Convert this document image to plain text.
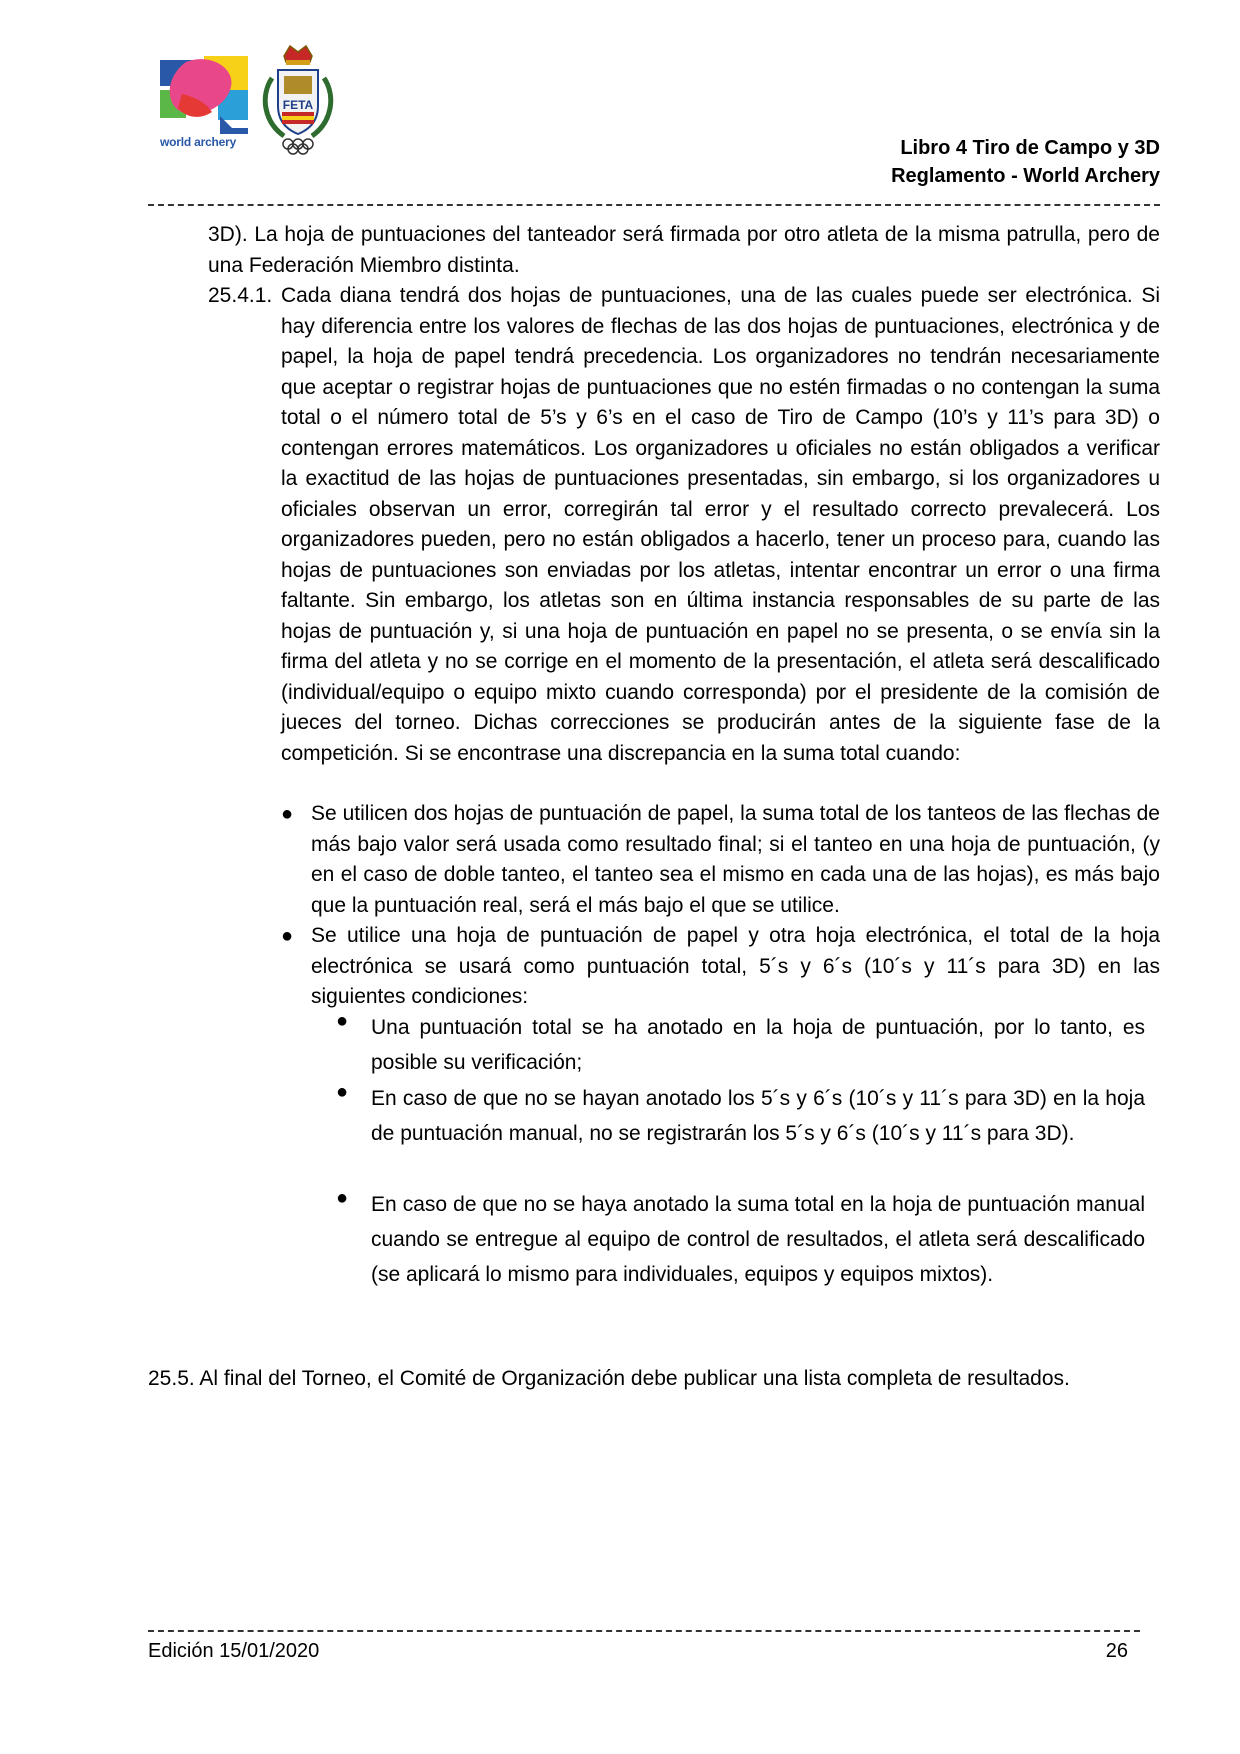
world archery
FETA
Libro 4 Tiro de Campo y 3D
Reglamento - World Archery
3D). La hoja de puntuaciones del tanteador será firmada por otro atleta de la misma patrulla, pero de una Federación Miembro distinta.
25.4.1. Cada diana tendrá dos hojas de puntuaciones, una de las cuales puede ser electrónica. Si hay diferencia entre los valores de flechas de las dos hojas de puntuaciones, electrónica y de papel, la hoja de papel tendrá precedencia. Los organizadores no tendrán necesariamente que aceptar o registrar hojas de puntuaciones que no estén firmadas o no contengan la suma total o el número total de 5’s y 6’s en el caso de Tiro de Campo (10’s y 11’s para 3D) o contengan errores matemáticos. Los organizadores u oficiales no están obligados a verificar la exactitud de las hojas de puntuaciones presentadas, sin embargo, si los organizadores u oficiales observan un error, corregirán tal error y el resultado correcto prevalecerá. Los organizadores pueden, pero no están obligados a hacerlo, tener un proceso para, cuando las hojas de puntuaciones son enviadas por los atletas, intentar encontrar un error o una firma faltante. Sin embargo, los atletas son en última instancia responsables de su parte de las hojas de puntuación y, si una hoja de puntuación en papel no se presenta, o se envía sin la firma del atleta y no se corrige en el momento de la presentación, el atleta será descalificado (individual/equipo o equipo mixto cuando corresponda) por el presidente de la comisión de jueces del torneo. Dichas correcciones se producirán antes de la siguiente fase de la competición. Si se encontrase una discrepancia en la suma total cuando:
● Se utilicen dos hojas de puntuación de papel, la suma total de los tanteos de las flechas de más bajo valor será usada como resultado final; si el tanteo en una hoja de puntuación, (y en el caso de doble tanteo, el tanteo sea el mismo en cada una de las hojas), es más bajo que la puntuación real, será el más bajo el que se utilice.
● Se utilice una hoja de puntuación de papel y otra hoja electrónica, el total de la hoja electrónica se usará como puntuación total, 5´s y 6´s (10´s y 11´s para 3D) en las siguientes condiciones:
● Una puntuación total se ha anotado en la hoja de puntuación, por lo tanto, es posible su verificación;
● En caso de que no se hayan anotado los 5´s y 6´s (10´s y 11´s para 3D) en la hoja de puntuación manual, no se registrarán los 5´s y 6´s (10´s y 11´s para 3D).
● En caso de que no se haya anotado la suma total en la hoja de puntuación manual cuando se entregue al equipo de control de resultados, el atleta será descalificado (se aplicará lo mismo para individuales, equipos y equipos mixtos).
25.5. Al final del Torneo, el Comité de Organización debe publicar una lista completa de resultados.
Edición 15/01/2020	26
